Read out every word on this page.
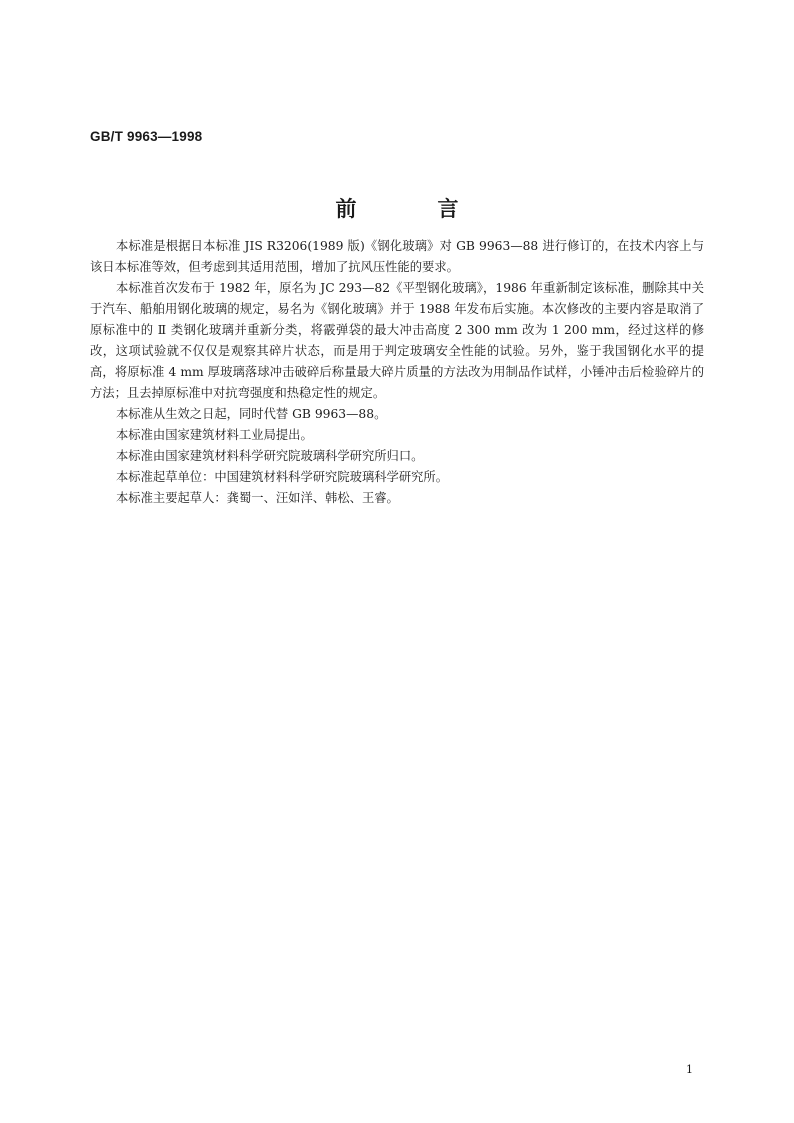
GB/T 9963—1998
前　言

本标准是根据日本标准 JIS R3206(1989 版)《钢化玻璃》对 GB 9963—88 进行修订的，在技术内容上与该日本标准等效，但考虑到其适用范围，增加了抗风压性能的要求。

本标准首次发布于 1982 年，原名为 JC 293—82《平型钢化玻璃》，1986 年重新制定该标准，删除其中关于汽车、船舶用钢化玻璃的规定，易名为《钢化玻璃》并于 1988 年发布后实施。本次修改的主要内容是取消了原标准中的 Ⅱ 类钢化玻璃并重新分类，将霰弹袋的最大冲击高度 2 300 mm 改为 1 200 mm，经过这样的修改，这项试验就不仅仅是观察其碎片状态，而是用于判定玻璃安全性能的试验。另外，鉴于我国钢化水平的提高，将原标准 4 mm 厚玻璃落球冲击破碎后称量最大碎片质量的方法改为用制品作试样，小锤冲击后检验碎片的方法；且去掉原标准中对抗弯强度和热稳定性的规定。

本标准从生效之日起，同时代替 GB 9963—88。

本标准由国家建筑材料工业局提出。

本标准由国家建筑材料科学研究院玻璃科学研究所归口。

本标准起草单位：中国建筑材料科学研究院玻璃科学研究所。

本标准主要起草人：龚蜀一、汪如洋、韩松、王睿。

1
